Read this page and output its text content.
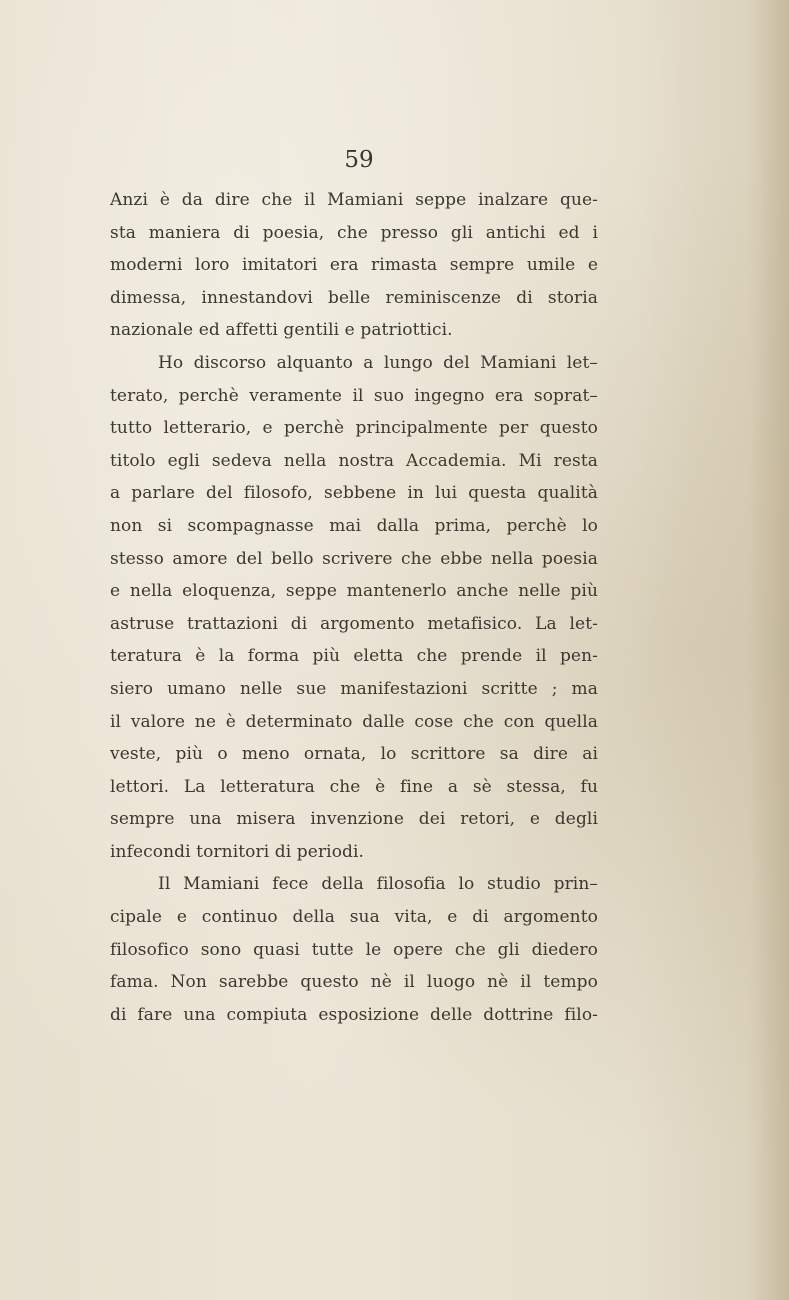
59
Anzi è da dire che il Mamiani seppe inalzare que-
sta maniera di poesia, che presso gli antichi ed i
moderni loro imitatori era rimasta sempre umile e
dimessa, innestandovi belle reminiscenze di storia
nazionale ed affetti gentili e patriottici.
Ho discorso alquanto a lungo del Mamiani let–
terato, perchè veramente il suo ingegno era soprat–
tutto letterario, e perchè principalmente per questo
titolo egli sedeva nella nostra Accademia. Mi resta
a parlare del filosofo, sebbene in lui questa qualità
non si scompagnasse mai dalla prima, perchè lo
stesso amore del bello scrivere che ebbe nella poesia
e nella eloquenza, seppe mantenerlo anche nelle più
astruse trattazioni di argomento metafisico. La let-
teratura è la forma più eletta che prende il pen-
siero umano nelle sue manifestazioni scritte ; ma
il valore ne è determinato dalle cose che con quella
veste, più o meno ornata, lo scrittore sa dire ai
lettori. La letteratura che è fine a sè stessa, fu
sempre una misera invenzione dei retori, e degli
infecondi tornitori di periodi.
Il Mamiani fece della filosofia lo studio prin–
cipale e continuo della sua vita, e di argomento
filosofico sono quasi tutte le opere che gli diedero
fama. Non sarebbe questo nè il luogo nè il tempo
di fare una compiuta esposizione delle dottrine filo-
